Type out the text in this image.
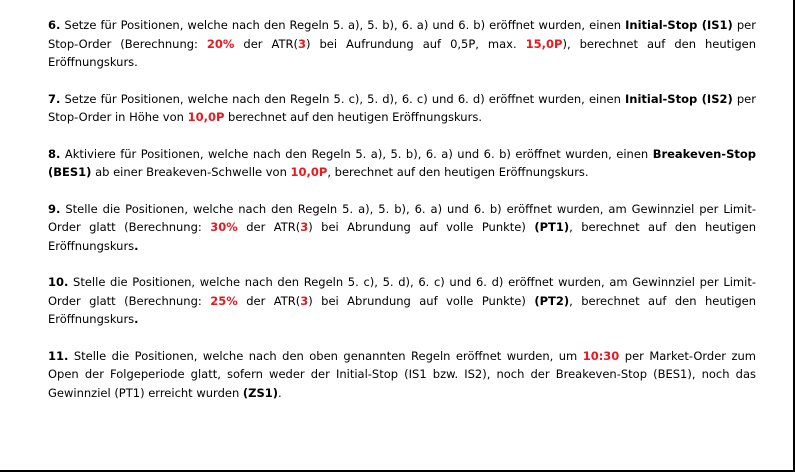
6. Setze für Positionen, welche nach den Regeln 5. a), 5. b), 6. a) und 6. b) eröffnet wurden, einen Initial-Stop (IS1) per Stop-Order (Berechnung: 20% der ATR(3) bei Aufrundung auf 0,5P, max. 15,0P), berechnet auf den heutigen Eröffnungskurs.

7. Setze für Positionen, welche nach den Regeln 5. c), 5. d), 6. c) und 6. d) eröffnet wurden, einen Initial-Stop (IS2) per Stop-Order in Höhe von 10,0P berechnet auf den heutigen Eröffnungskurs.

8. Aktiviere für Positionen, welche nach den Regeln 5. a), 5. b), 6. a) und 6. b) eröffnet wurden, einen Breakeven-Stop (BES1) ab einer Breakeven-Schwelle von 10,0P, berechnet auf den heutigen Eröffnungskurs.

9. Stelle die Positionen, welche nach den Regeln 5. a), 5. b), 6. a) und 6. b) eröffnet wurden, am Gewinnziel per Limit-Order glatt (Berechnung: 30% der ATR(3) bei Abrundung auf volle Punkte) (PT1), berechnet auf den heutigen Eröffnungskurs.

10. Stelle die Positionen, welche nach den Regeln 5. c), 5. d), 6. c) und 6. d) eröffnet wurden, am Gewinnziel per Limit-Order glatt (Berechnung: 25% der ATR(3) bei Abrundung auf volle Punkte) (PT2), berechnet auf den heutigen Eröffnungskurs.

11. Stelle die Positionen, welche nach den oben genannten Regeln eröffnet wurden, um 10:30 per Market-Order zum Open der Folgeperiode glatt, sofern weder der Initial-Stop (IS1 bzw. IS2), noch der Breakeven-Stop (BES1), noch das Gewinnziel (PT1) erreicht wurden (ZS1).
